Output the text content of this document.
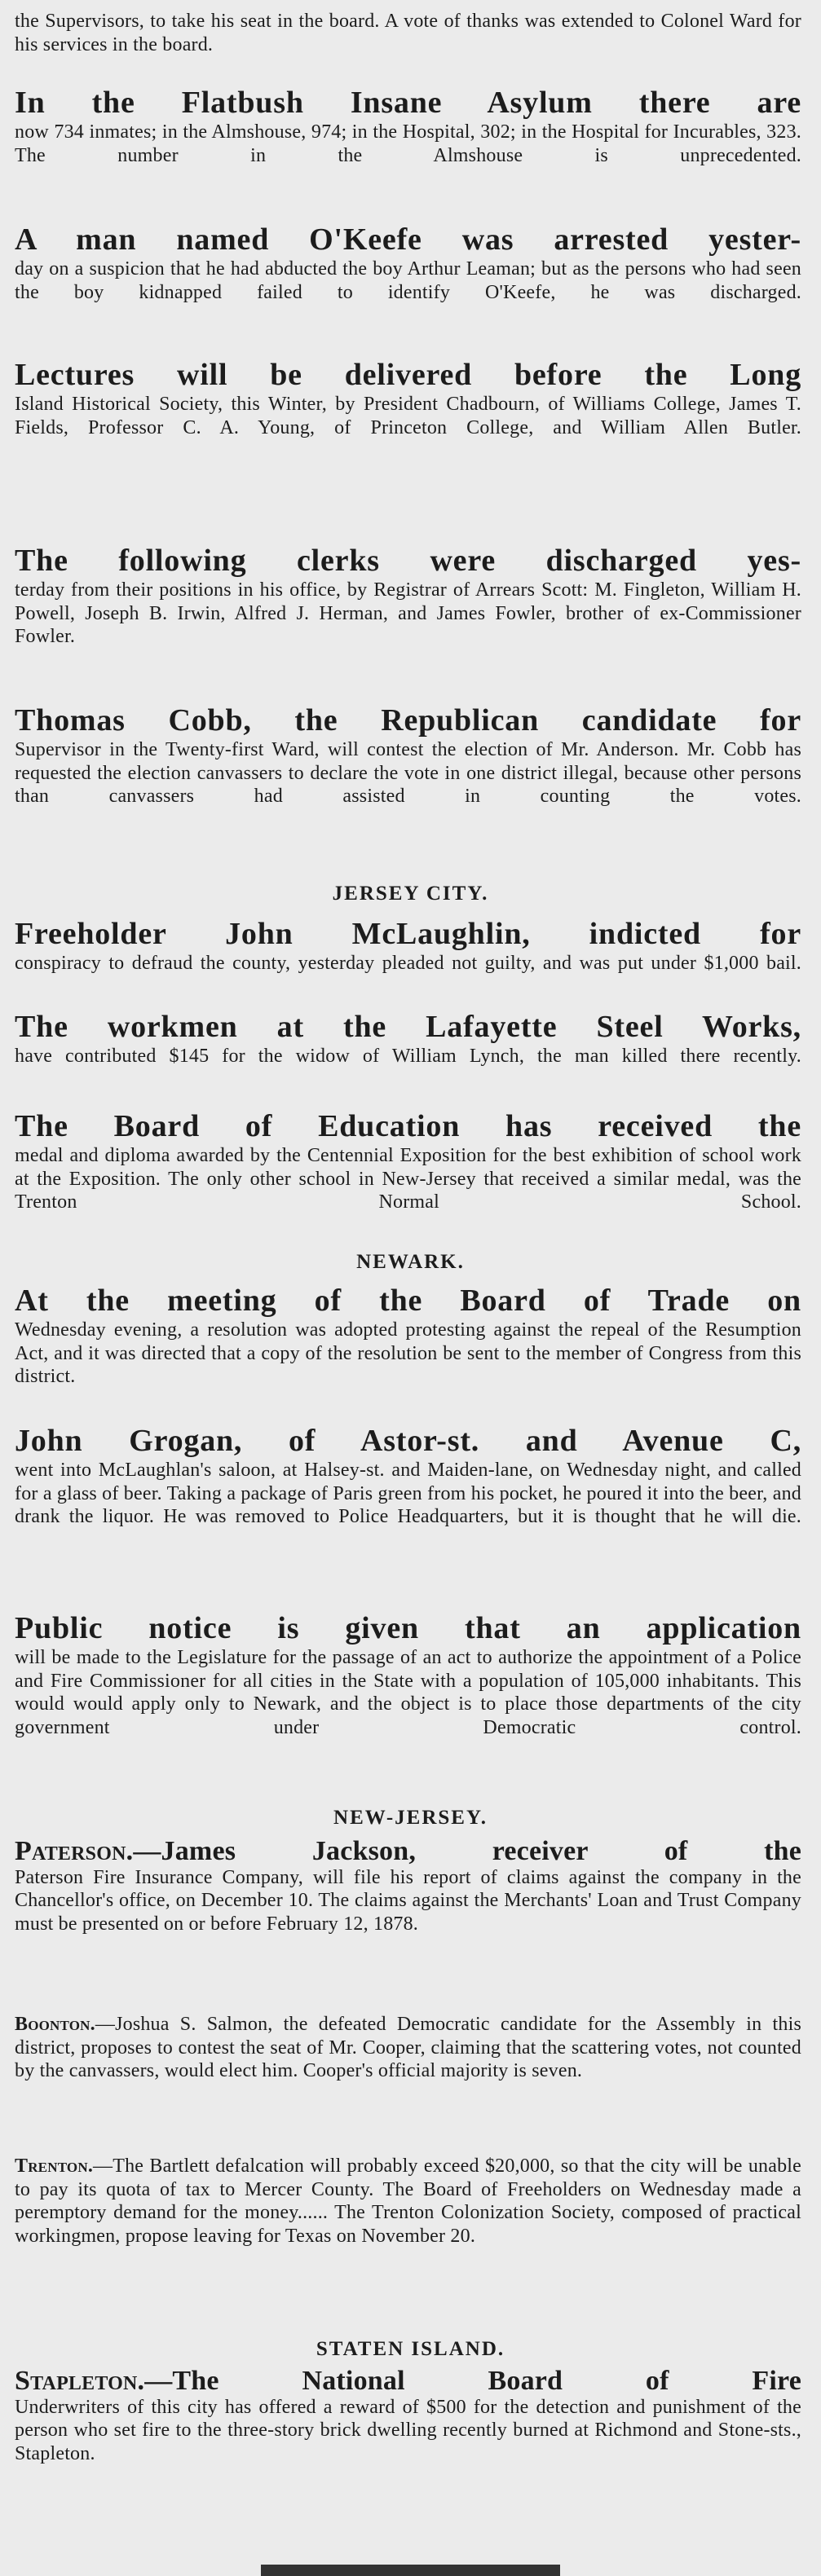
the Supervisors, to take his seat in the board. A vote of thanks was extended to Colonel Ward for his services in the board.

In the Flatbush Insane Asylum there are
now 734 inmates; in the Almshouse, 974; in the Hospital, 302; in the Hospital for Incurables, 323. The number in the Almshouse is unprecedented.

A man named O'Keefe was arrested yester-
day on a suspicion that he had abducted the boy Arthur Leaman; but as the persons who had seen the boy kidnapped failed to identify O'Keefe, he was discharged.

Lectures will be delivered before the Long
Island Historical Society, this Winter, by President Chadbourn, of Williams College, James T. Fields, Professor C. A. Young, of Princeton College, and William Allen Butler.

The following clerks were discharged yes-
terday from their positions in his office, by Registrar of Arrears Scott: M. Fingleton, William H. Powell, Joseph B. Irwin, Alfred J. Herman, and James Fowler, brother of ex-Commissioner Fowler.

Thomas Cobb, the Republican candidate for
Supervisor in the Twenty-first Ward, will contest the election of Mr. Anderson. Mr. Cobb has requested the election canvassers to declare the vote in one district illegal, because other persons than canvassers had assisted in counting the votes.

JERSEY CITY.

Freeholder John McLaughlin, indicted for
conspiracy to defraud the county, yesterday pleaded not guilty, and was put under $1,000 bail.

The workmen at the Lafayette Steel Works,
have contributed $145 for the widow of William Lynch, the man killed there recently.

The Board of Education has received the
medal and diploma awarded by the Centennial Exposition for the best exhibition of school work at the Exposition. The only other school in New-Jersey that received a similar medal, was the Trenton Normal School.

NEWARK.

At the meeting of the Board of Trade on
Wednesday evening, a resolution was adopted protesting against the repeal of the Resumption Act, and it was directed that a copy of the resolution be sent to the member of Congress from this district.

John Grogan, of Astor-st. and Avenue C,
went into McLaughlan's saloon, at Halsey-st. and Maiden-lane, on Wednesday night, and called for a glass of beer. Taking a package of Paris green from his pocket, he poured it into the beer, and drank the liquor. He was removed to Police Headquarters, but it is thought that he will die.

Public notice is given that an application
will be made to the Legislature for the passage of an act to authorize the appointment of a Police and Fire Commissioner for all cities in the State with a population of 105,000 inhabitants. This would would apply only to Newark, and the object is to place those departments of the city government under Democratic control.

NEW-JERSEY.

Paterson.—James Jackson, receiver of the
Paterson Fire Insurance Company, will file his report of claims against the company in the Chancellor's office, on December 10. The claims against the Merchants' Loan and Trust Company must be presented on or before February 12, 1878.

Boonton.—Joshua S. Salmon, the defeated Democratic candidate for the Assembly in this district, proposes to contest the seat of Mr. Cooper, claiming that the scattering votes, not counted by the canvassers, would elect him. Cooper's official majority is seven.

Trenton.—The Bartlett defalcation will probably exceed $20,000, so that the city will be unable to pay its quota of tax to Mercer County. The Board of Freeholders on Wednesday made a peremptory demand for the money...... The Trenton Colonization Society, composed of practical workingmen, propose leaving for Texas on November 20.

STATEN ISLAND.

Stapleton.—The National Board of Fire
Underwriters of this city has offered a reward of $500 for the detection and punishment of the person who set fire to the three-story brick dwelling recently burned at Richmond and Stone-sts., Stapleton.
